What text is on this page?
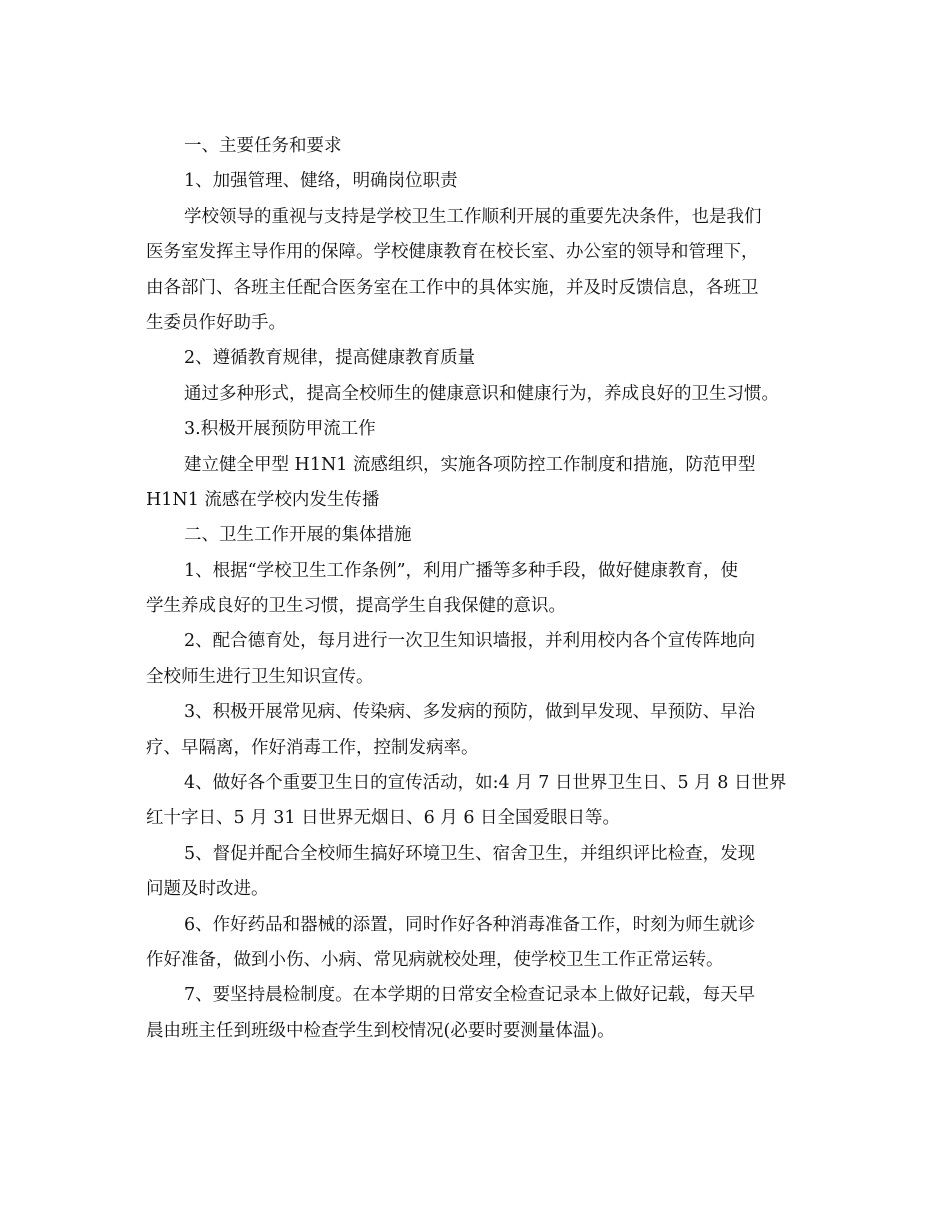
一、主要任务和要求
1、加强管理、健络，明确岗位职责
学校领导的重视与支持是学校卫生工作顺利开展的重要先决条件，也是我们
医务室发挥主导作用的保障。学校健康教育在校长室、办公室的领导和管理下，
由各部门、各班主任配合医务室在工作中的具体实施，并及时反馈信息，各班卫
生委员作好助手。
2、遵循教育规律，提高健康教育质量
通过多种形式，提高全校师生的健康意识和健康行为，养成良好的卫生习惯。
3.积极开展预防甲流工作
建立健全甲型 H1N1 流感组织，实施各项防控工作制度和措施，防范甲型
H1N1 流感在学校内发生传播
二、卫生工作开展的集体措施
1、根据“学校卫生工作条例”，利用广播等多种手段，做好健康教育，使
学生养成良好的卫生习惯，提高学生自我保健的意识。
2、配合德育处，每月进行一次卫生知识墙报，并利用校内各个宣传阵地向
全校师生进行卫生知识宣传。
3、积极开展常见病、传染病、多发病的预防，做到早发现、早预防、早治
疗、早隔离，作好消毒工作，控制发病率。
4、做好各个重要卫生日的宣传活动，如:4 月 7 日世界卫生日、5 月 8 日世界
红十字日、5 月 31 日世界无烟日、6 月 6 日全国爱眼日等。
5、督促并配合全校师生搞好环境卫生、宿舍卫生，并组织评比检查，发现
问题及时改进。
6、作好药品和器械的添置，同时作好各种消毒准备工作，时刻为师生就诊
作好准备，做到小伤、小病、常见病就校处理，使学校卫生工作正常运转。
7、要坚持晨检制度。在本学期的日常安全检查记录本上做好记载，每天早
晨由班主任到班级中检查学生到校情况(必要时要测量体温)。
